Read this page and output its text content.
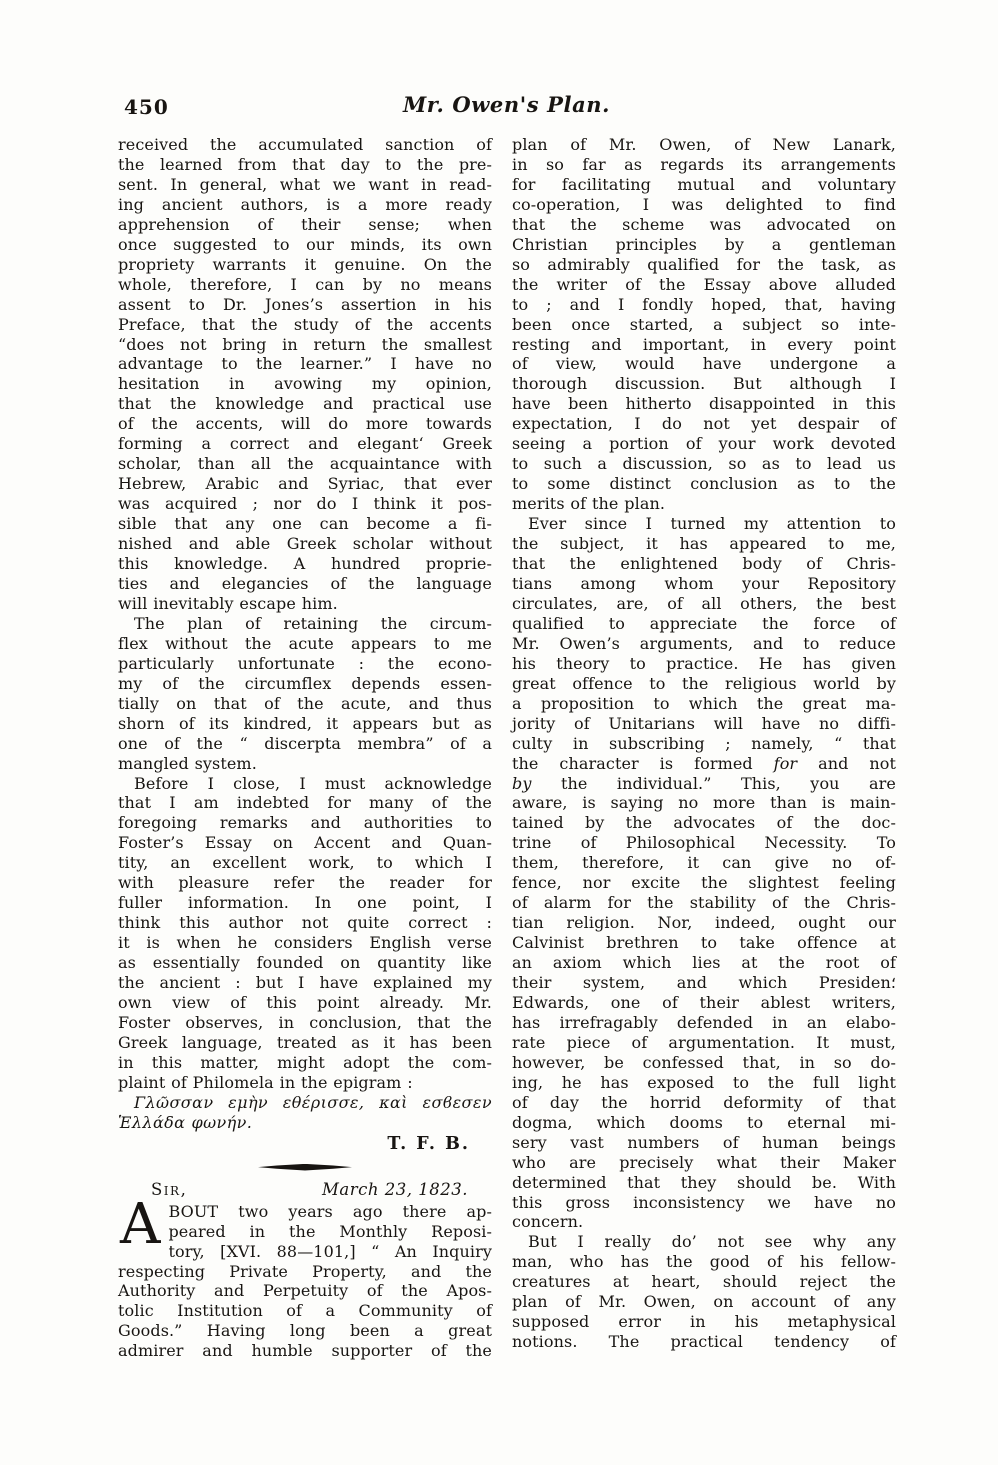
450	Mr. Owen's Plan.
received the accumulated sanction of
the learned from that day to the pre-
sent. In general, what we want in read-
ing ancient authors, is a more ready
apprehension of their sense; when
once suggested to our minds, its own
propriety warrants it genuine. On the
whole, therefore, I can by no means
assent to Dr. Jones’s assertion in his
Preface, that the study of the accents
“does not bring in return the smallest
advantage to the learner.” I have no
hesitation in avowing my opinion,
that the knowledge and practical use
of the accents, will do more towards
forming a correct and elegant‘ Greek
scholar, than all the acquaintance with
Hebrew, Arabic and Syriac, that ever
was acquired ; nor do I think it pos-
sible that any one can become a fi-
nished and able Greek scholar without
this knowledge. A hundred proprie-
ties and elegancies of the language
will inevitably escape him.
The plan of retaining the circum-
flex without the acute appears to me
particularly unfortunate : the econo-
my of the circumflex depends essen-
tially on that of the acute, and thus
shorn of its kindred, it appears but as
one of the “ discerpta membra” of a
mangled system.
Before I close, I must acknowledge
that I am indebted for many of the
foregoing remarks and authorities to
Foster’s Essay on Accent and Quan-
tity, an excellent work, to which I
with pleasure refer the reader for
fuller information. In one point, I
think this author not quite correct :
it is when he considers English verse
as essentially founded on quantity like
the ancient : but I have explained my
own view of this point already. Mr.
Foster observes, in conclusion, that the
Greek language, treated as it has been
in this matter, might adopt the com-
plaint of Philomela in the epigram :
Γλῶσσαν εμὴν εθέρισσε, καὶ εσϐεσεν
Ἑλλάδα φωνήν.
T. F. B.
Sir,	March 23, 1823.
A BOUT two years ago there ap-
peared in the Monthly Reposi-
tory, [XVI. 88—101,] “ An Inquiry
respecting Private Property, and the
Authority and Perpetuity of the Apos-
tolic Institution of a Community of
Goods.” Having long been a great
admirer and humble supporter of the
plan of Mr. Owen, of New Lanark,
in so far as regards its arrangements
for facilitating mutual and voluntary
co-operation, I was delighted to find
that the scheme was advocated on
Christian principles by a gentleman
so admirably qualified for the task, as
the writer of the Essay above alluded
to ; and I fondly hoped, that, having
been once started, a subject so inte-
resting and important, in every point
of view, would have undergone a
thorough discussion. But although I
have been hitherto disappointed in this
expectation, I do not yet despair of
seeing a portion of your work devoted
to such a discussion, so as to lead us
to some distinct conclusion as to the
merits of the plan.
Ever since I turned my attention to
the subject, it has appeared to me,
that the enlightened body of Chris-
tians among whom your Repository
circulates, are, of all others, the best
qualified to appreciate the force of
Mr. Owen’s arguments, and to reduce
his theory to practice. He has given
great offence to the religious world by
a proposition to which the great ma-
jority of Unitarians will have no diffi-
culty in subscribing ; namely, “ that
the character is formed for and not
by the individual.” This, you are
aware, is saying no more than is main-
tained by the advocates of the doc-
trine of Philosophical Necessity. To
them, therefore, it can give no of-
fence, nor excite the slightest feeling
of alarm for the stability of the Chris-
tian religion. Nor, indeed, ought our
Calvinist brethren to take offence at
an axiom which lies at the root of
their system, and which Presiden؛
Edwards, one of their ablest writers,
has irrefragably defended in an elabo-
rate piece of argumentation. It must,
however, be confessed that, in so do-
ing, he has exposed to the full light
of day the horrid deformity of that
dogma, which dooms to eternal mi-
sery vast numbers of human beings
who are precisely what their Maker
determined that they should be. With
this gross inconsistency we have no
concern.
But I really do’ not see why any
man, who has the good of his fellow-
creatures at heart, should reject the
plan of Mr. Owen, on account of any
supposed error in his metaphysical
notions. The practical tendency of
